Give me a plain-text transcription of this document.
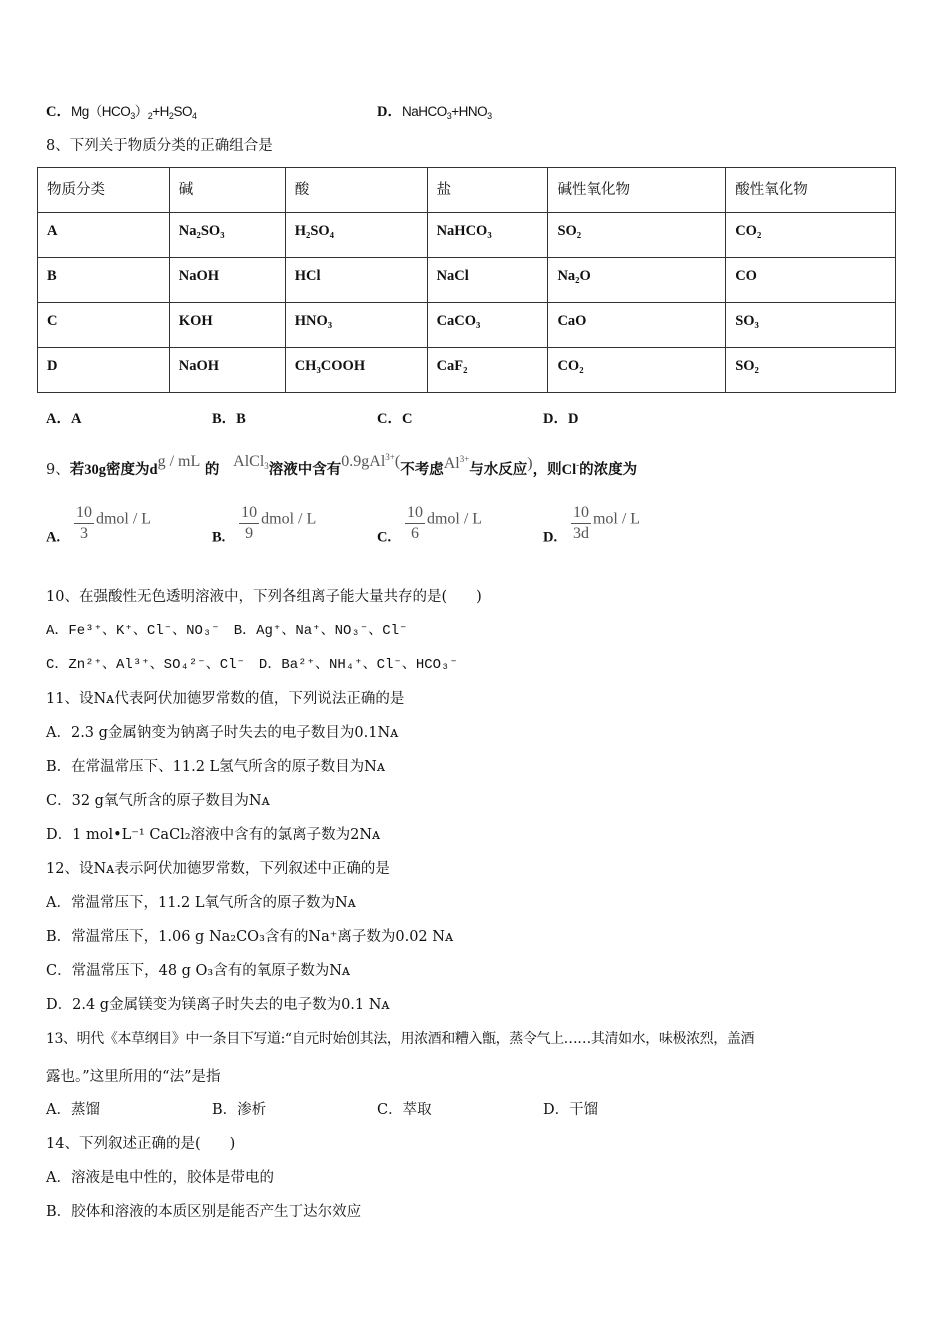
C．$Mg(HCO_3)_2+H_2SO_4$	D．$NaHCO_3+HNO_3$
8、下列关于物质分类的正确组合是
物质分类	碱	酸	盐	碱性氧化物	酸性氧化物
A	Na₂SO₃	H₂SO₄	NaHCO₃	SO₂	CO₂
B	NaOH	HCl	NaCl	Na₂O	CO
C	KOH	HNO₃	CaCO₃	CaO	SO₃
D	NaOH	CH₃COOH	CaF₂	CO₂	SO₂
A．A	B．B	C．C	D．D
9、若30g密度为dg / mL 的 AlCl$_3$溶液中含有0.9gAl$^{3+}$(不考虑$Al^{3+}$与水反应)，则Cl-的浓度为
A. $\frac{10}{3}$ dmol / L
B. $\frac{10}{9}$ dmol / L
C. $\frac{10}{6}$ dmol / L
D. $\frac{10}{3d}$ mol / L
10、在强酸性无色透明溶液中，下列各组离子能大量共存的是(　　)
A．Fe³⁺、K⁺、Cl⁻、NO₃⁻　B．Ag⁺、Na⁺、NO₃⁻、Cl⁻
C．Zn²⁺、Al³⁺、SO₄²⁻、Cl⁻　D．Ba²⁺、NH₄⁺、Cl⁻、HCO₃⁻
11、设Nᴀ代表阿伏加德罗常数的值，下列说法正确的是
A．2.3 g金属钠变为钠离子时失去的电子数目为0.1Nᴀ
B．在常温常压下、11.2 L氢气所含的原子数目为Nᴀ
C．32 g氧气所含的原子数目为Nᴀ
D．1 mol•L⁻¹ CaCl₂溶液中含有的氯离子数为2Nᴀ
12、设Nᴀ表示阿伏加德罗常数，下列叙述中正确的是
A．常温常压下，11.2 L氧气所含的原子数为Nᴀ
B．常温常压下，1.06 g Na₂CO₃含有的Na⁺离子数为0.02 Nᴀ
C．常温常压下，48 g O₃含有的氧原子数为Nᴀ
D．2.4 g金属镁变为镁离子时失去的电子数为0.1 Nᴀ
13、明代《本草纲目》中一条目下写道:“自元时始创其法，用浓酒和糟入甑，蒸令气上……其清如水，味极浓烈，盖酒
露也。”这里所用的“法”是指
A．蒸馏	B．渗析	C．萃取	D．干馏
14、下列叙述正确的是(　　)
A．溶液是电中性的，胶体是带电的
B．胶体和溶液的本质区别是能否产生丁达尔效应
